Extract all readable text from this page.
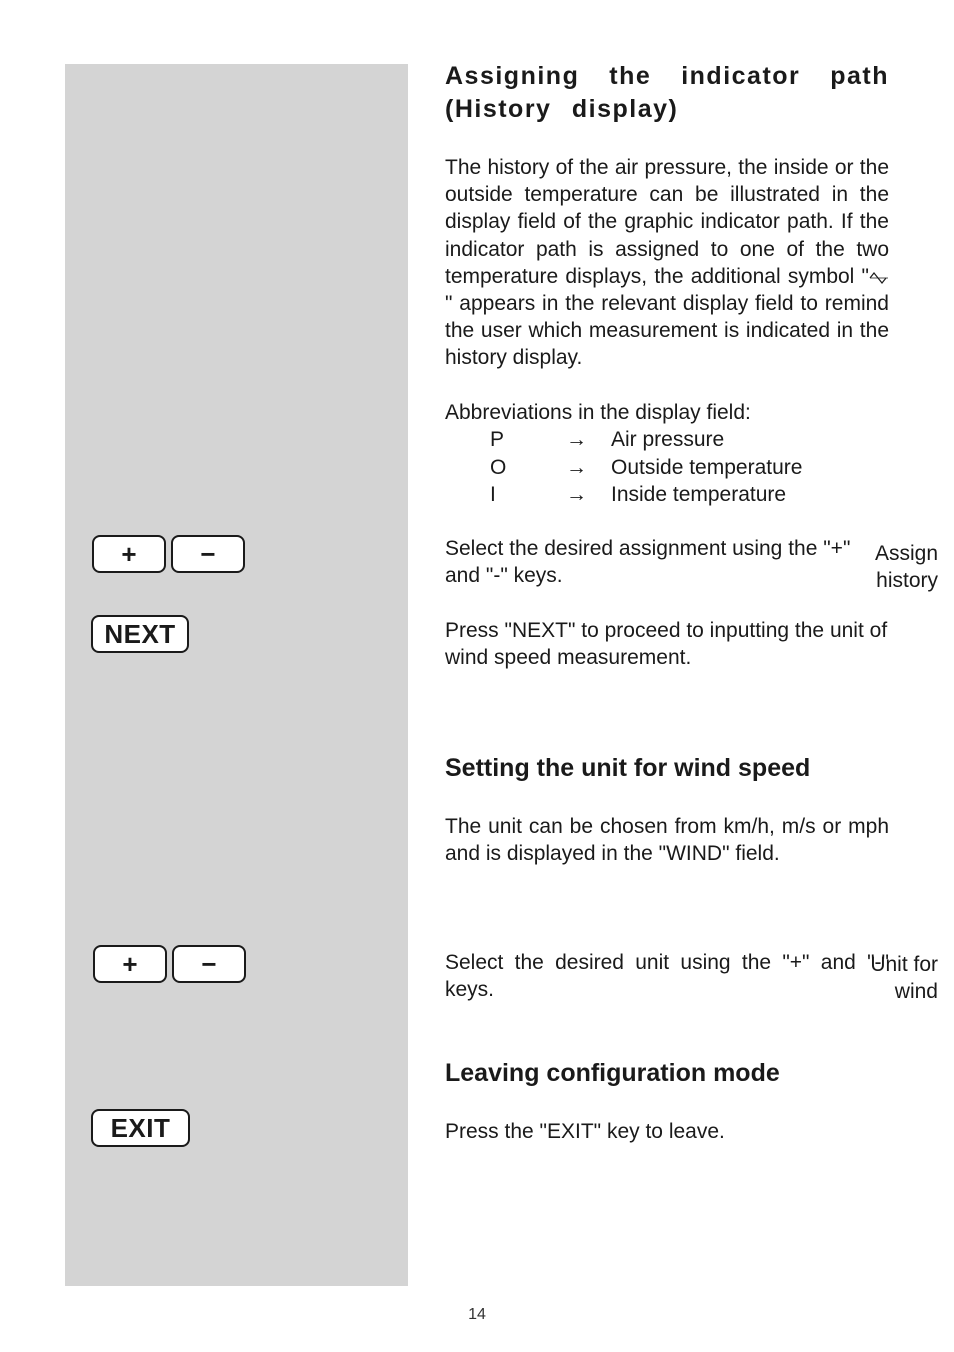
+	−	Assign
history
NEXT
+	−	Unit for
wind
EXIT
Assigning the indicator path (History display)

The history of the air pressure, the inside or the outside temperature can be illustrated in the display field of the graphic indicator path. If the indicator path is assigned to one of the two temperature displays, the additional symbol "" appears in the relevant display field to remind the user which measurement is indicated in the history display.

Abbreviations in the display field:

P	→	Air pressure
O	→	Outside temperature
I	→	Inside temperature

Select the desired assignment using the "+" and "-" keys.

Press "NEXT" to proceed to inputting the unit of wind speed measurement.

Setting the unit for wind speed

The unit can be chosen from km/h, m/s or mph and is displayed in the "WIND" field.

Select the desired unit using the "+" and "-" keys.

Leaving configuration mode

Press the "EXIT" key to leave.

14
